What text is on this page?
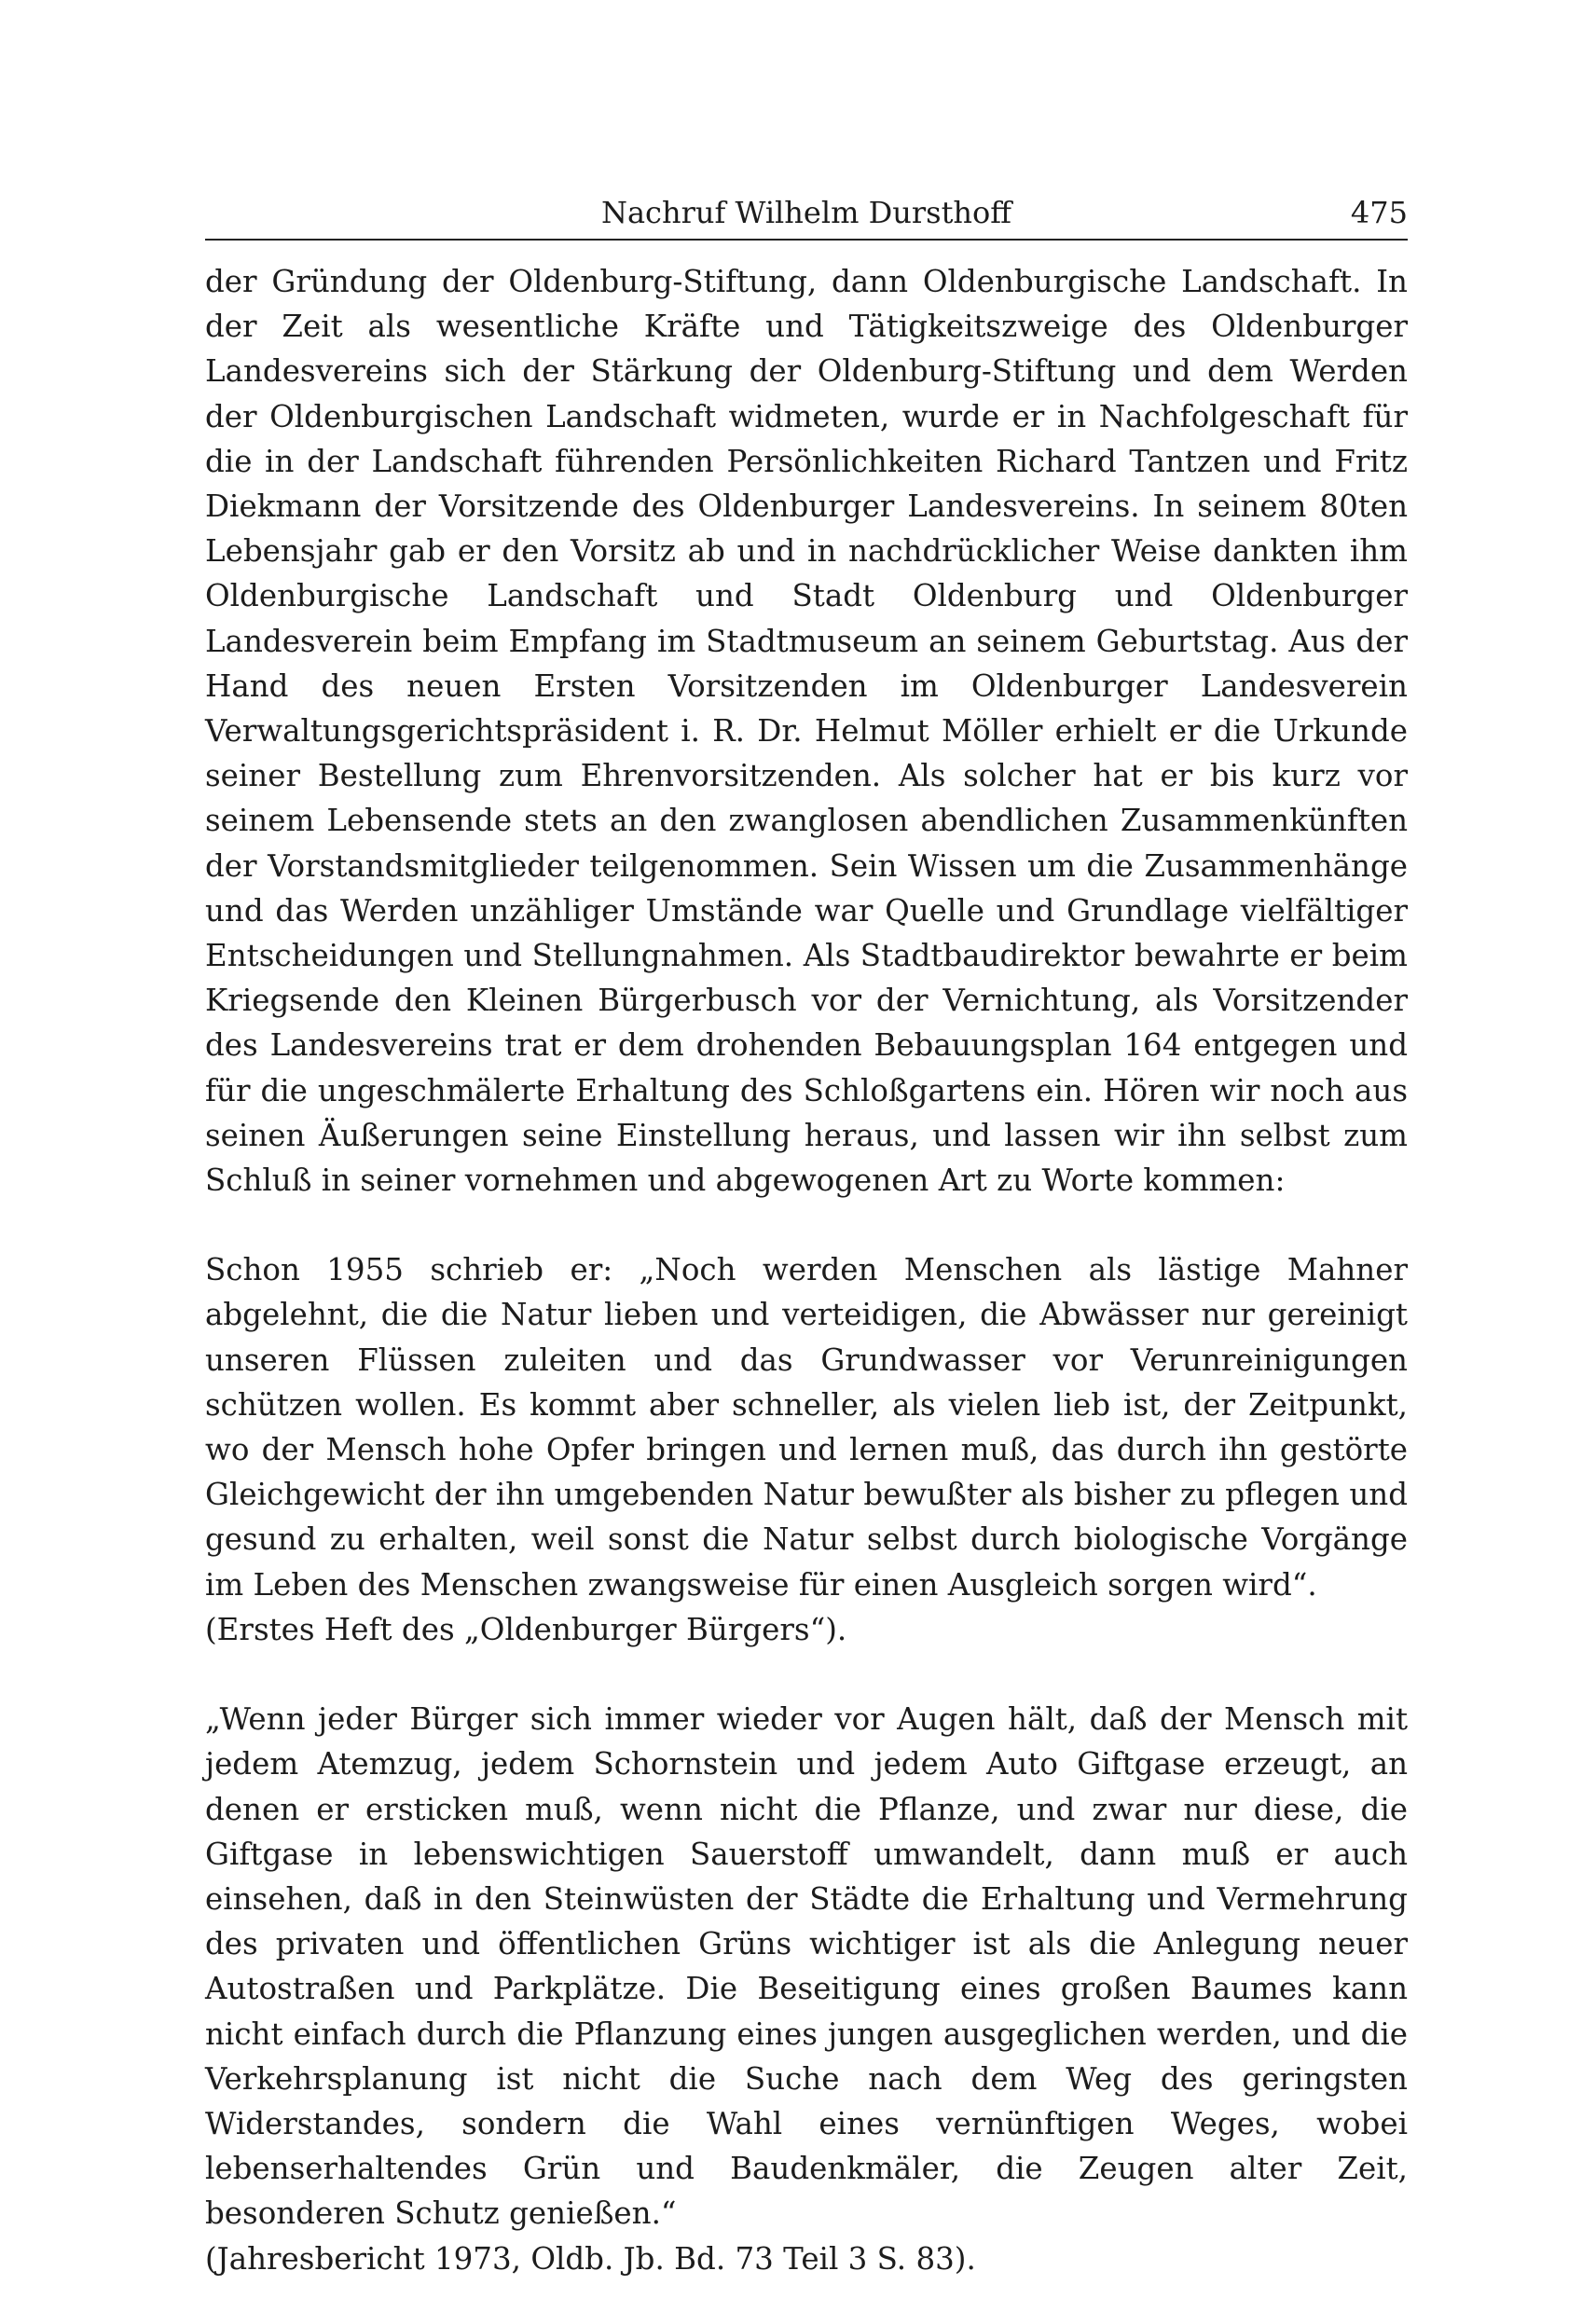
Nachruf Wilhelm Dursthoff	475

der Gründung der Oldenburg-Stiftung, dann Oldenburgische Landschaft. In der Zeit als wesentliche Kräfte und Tätigkeitszweige des Oldenburger Landesvereins sich der Stärkung der Oldenburg-Stiftung und dem Werden der Oldenburgischen Landschaft widmeten, wurde er in Nachfolgeschaft für die in der Landschaft führenden Persönlichkeiten Richard Tantzen und Fritz Diekmann der Vorsitzende des Oldenburger Landesvereins. In seinem 80ten Lebensjahr gab er den Vorsitz ab und in nachdrücklicher Weise dankten ihm Oldenburgische Landschaft und Stadt Oldenburg und Oldenburger Landesverein beim Empfang im Stadtmuseum an seinem Geburtstag. Aus der Hand des neuen Ersten Vorsitzenden im Oldenburger Landesverein Verwaltungsgerichtspräsident i. R. Dr. Helmut Möller erhielt er die Urkunde seiner Bestellung zum Ehrenvorsitzenden. Als solcher hat er bis kurz vor seinem Lebensende stets an den zwanglosen abendlichen Zusammenkünften der Vorstandsmitglieder teilgenommen. Sein Wissen um die Zusammenhänge und das Werden unzähliger Umstände war Quelle und Grundlage vielfältiger Entscheidungen und Stellungnahmen. Als Stadtbaudirektor bewahrte er beim Kriegsende den Kleinen Bürgerbusch vor der Vernichtung, als Vorsitzender des Landesvereins trat er dem drohenden Bebauungsplan 164 entgegen und für die ungeschmälerte Erhaltung des Schloßgartens ein. Hören wir noch aus seinen Äußerungen seine Einstellung heraus, und lassen wir ihn selbst zum Schluß in seiner vornehmen und abgewogenen Art zu Worte kommen:

Schon 1955 schrieb er: „Noch werden Menschen als lästige Mahner abgelehnt, die die Natur lieben und verteidigen, die Abwässer nur gereinigt unseren Flüssen zuleiten und das Grundwasser vor Verunreinigungen schützen wollen. Es kommt aber schneller, als vielen lieb ist, der Zeitpunkt, wo der Mensch hohe Opfer bringen und lernen muß, das durch ihn gestörte Gleichgewicht der ihn umgebenden Natur bewußter als bisher zu pflegen und gesund zu erhalten, weil sonst die Natur selbst durch biologische Vorgänge im Leben des Menschen zwangsweise für einen Ausgleich sorgen wird“.

(Erstes Heft des „Oldenburger Bürgers“).

„Wenn jeder Bürger sich immer wieder vor Augen hält, daß der Mensch mit jedem Atemzug, jedem Schornstein und jedem Auto Giftgase erzeugt, an denen er ersticken muß, wenn nicht die Pflanze, und zwar nur diese, die Giftgase in lebenswichtigen Sauerstoff umwandelt, dann muß er auch einsehen, daß in den Steinwüsten der Städte die Erhaltung und Vermehrung des privaten und öffentlichen Grüns wichtiger ist als die Anlegung neuer Autostraßen und Parkplätze. Die Beseitigung eines großen Baumes kann nicht einfach durch die Pflanzung eines jungen ausgeglichen werden, und die Verkehrsplanung ist nicht die Suche nach dem Weg des geringsten Widerstandes, sondern die Wahl eines vernünftigen Weges, wobei lebenserhaltendes Grün und Baudenkmäler, die Zeugen alter Zeit, besonderen Schutz genießen.“

(Jahresbericht 1973, Oldb. Jb. Bd. 73 Teil 3 S. 83).
